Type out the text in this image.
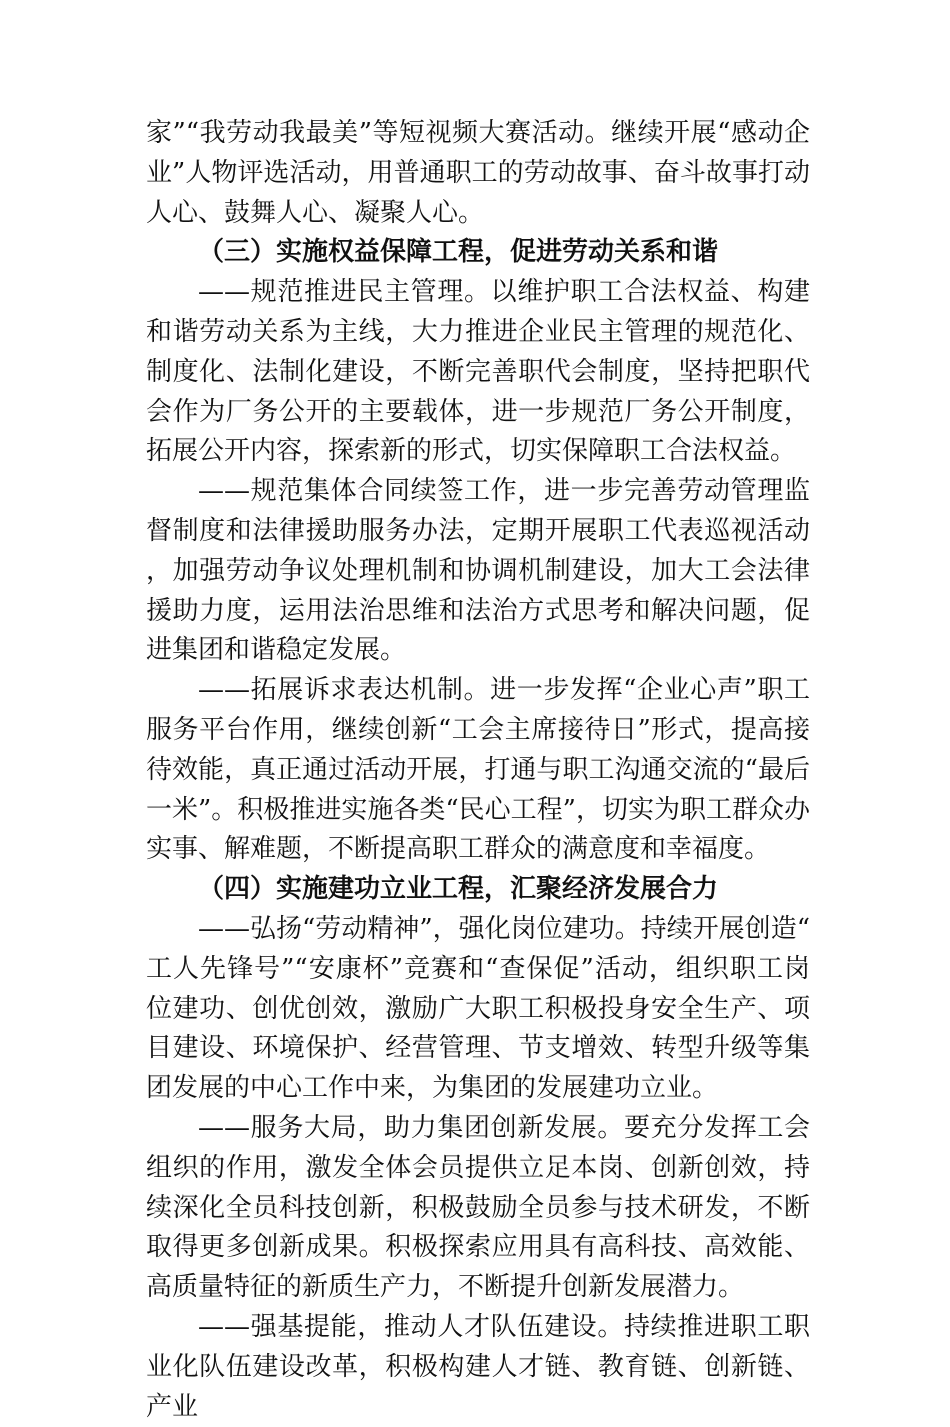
家”“我劳动我最美”等短视频大赛活动。继续开展“感动企业”人物评选活动，用普通职工的劳动故事、奋斗故事打动人心、鼓舞人心、凝聚人心。

（三）实施权益保障工程，促进劳动关系和谐

——规范推进民主管理。以维护职工合法权益、构建和谐劳动关系为主线，大力推进企业民主管理的规范化、制度化、法制化建设，不断完善职代会制度，坚持把职代会作为厂务公开的主要载体，进一步规范厂务公开制度，拓展公开内容，探索新的形式，切实保障职工合法权益。

——规范集体合同续签工作，进一步完善劳动管理监督制度和法律援助服务办法，定期开展职工代表巡视活动，加强劳动争议处理机制和协调机制建设，加大工会法律援助力度，运用法治思维和法治方式思考和解决问题，促进集团和谐稳定发展。

——拓展诉求表达机制。进一步发挥“企业心声”职工服务平台作用，继续创新“工会主席接待日”形式，提高接待效能，真正通过活动开展，打通与职工沟通交流的“最后一米”。积极推进实施各类“民心工程”，切实为职工群众办实事、解难题，不断提高职工群众的满意度和幸福度。

（四）实施建功立业工程，汇聚经济发展合力

——弘扬“劳动精神”，强化岗位建功。持续开展创造“工人先锋号”“安康杯”竞赛和“查保促”活动，组织职工岗位建功、创优创效，激励广大职工积极投身安全生产、项目建设、环境保护、经营管理、节支增效、转型升级等集团发展的中心工作中来，为集团的发展建功立业。

——服务大局，助力集团创新发展。要充分发挥工会组织的作用，激发全体会员提供立足本岗、创新创效，持续深化全员科技创新，积极鼓励全员参与技术研发，不断取得更多创新成果。积极探索应用具有高科技、高效能、高质量特征的新质生产力，不断提升创新发展潜力。

——强基提能，推动人才队伍建设。持续推进职工职业化队伍建设改革，积极构建人才链、教育链、创新链、产业
